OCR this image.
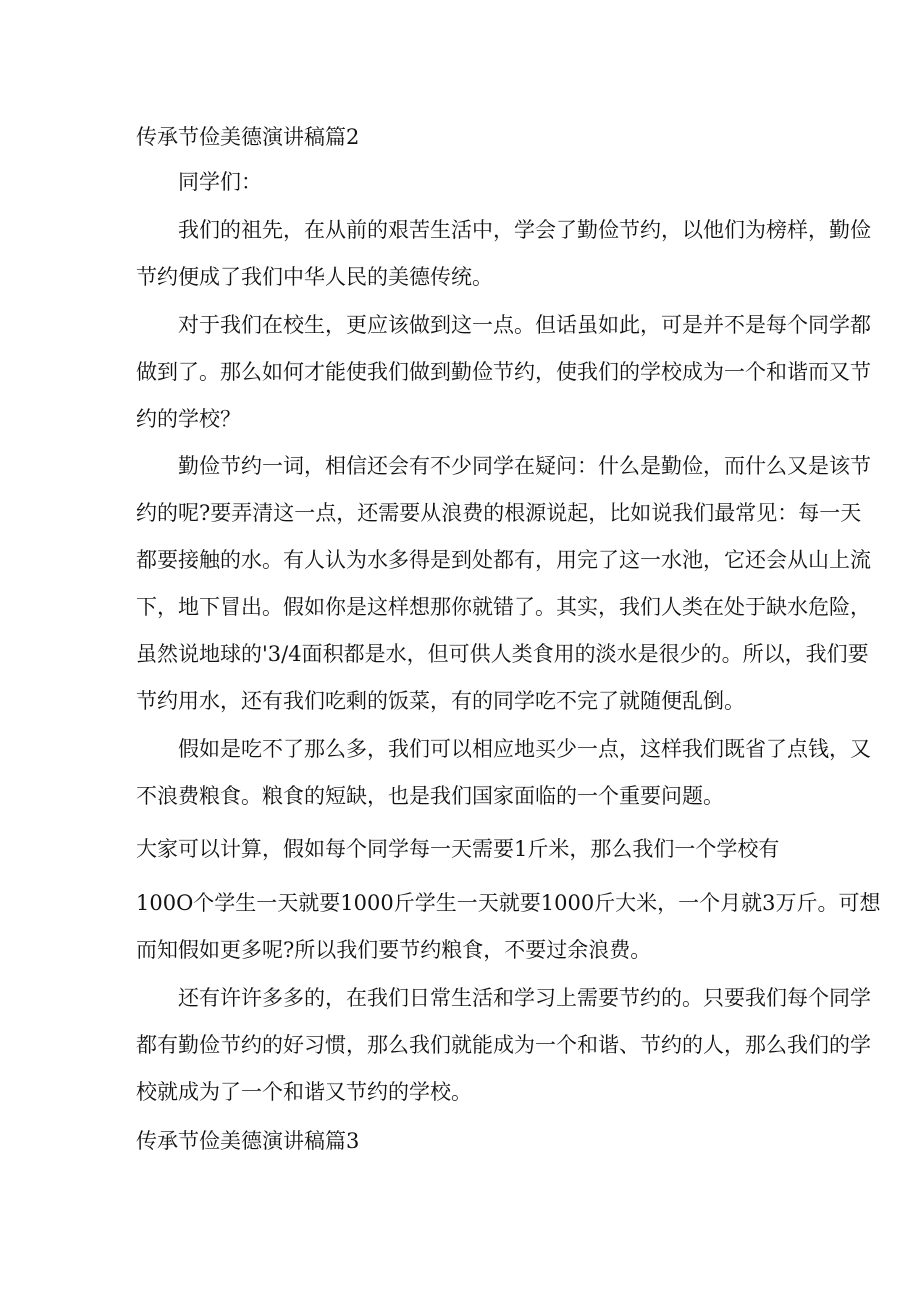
传承节俭美德演讲稿篇2
同学们：
我们的祖先，在从前的艰苦生活中，学会了勤俭节约，以他们为榜样，勤俭
节约便成了我们中华人民的美德传统。
对于我们在校生，更应该做到这一点。但话虽如此，可是并不是每个同学都
做到了。那么如何才能使我们做到勤俭节约，使我们的学校成为一个和谐而又节
约的学校？
勤俭节约一词，相信还会有不少同学在疑问：什么是勤俭，而什么又是该节
约的呢?要弄清这一点，还需要从浪费的根源说起，比如说我们最常见：每一天
都要接触的水。有人认为水多得是到处都有，用完了这一水池，它还会从山上流
下，地下冒出。假如你是这样想那你就错了。其实，我们人类在处于缺水危险，
虽然说地球的'3/4面积都是水，但可供人类食用的淡水是很少的。所以，我们要
节约用水，还有我们吃剩的饭菜，有的同学吃不完了就随便乱倒。
假如是吃不了那么多，我们可以相应地买少一点，这样我们既省了点钱，又
不浪费粮食。粮食的短缺，也是我们国家面临的一个重要问题。
大家可以计算，假如每个同学每一天需要1斤米，那么我们一个学校有
100O个学生一天就要1000斤学生一天就要1000斤大米，一个月就3万斤。可想
而知假如更多呢?所以我们要节约粮食，不要过余浪费。
还有许许多多的，在我们日常生活和学习上需要节约的。只要我们每个同学
都有勤俭节约的好习惯，那么我们就能成为一个和谐、节约的人，那么我们的学
校就成为了一个和谐又节约的学校。
传承节俭美德演讲稿篇3
